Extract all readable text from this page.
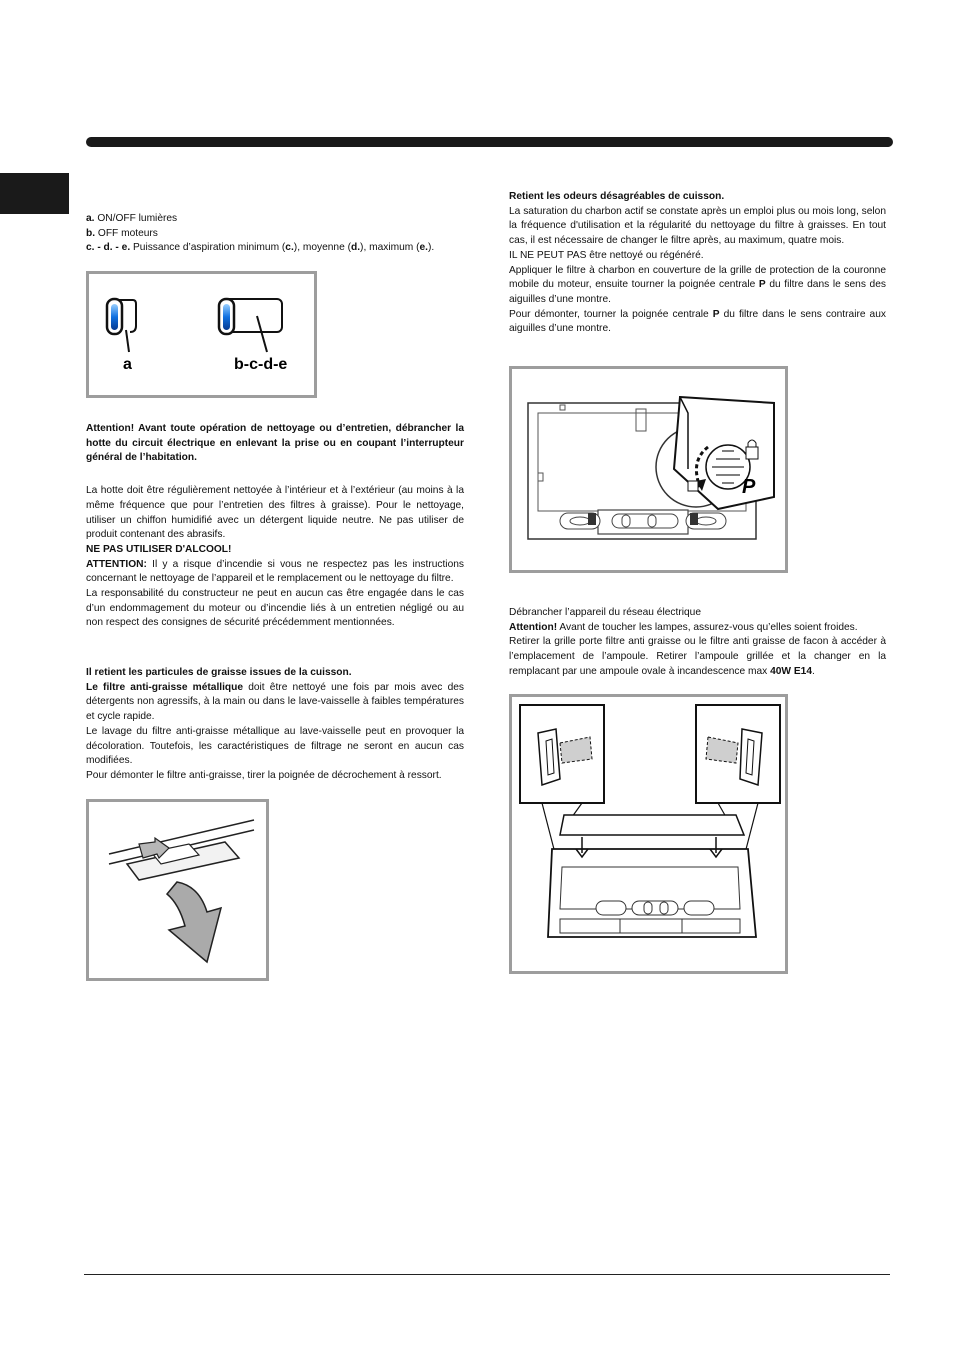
a. ON/OFF lumières

b. OFF moteurs

c. - d. - e. Puissance d’aspiration minimum (c.), moyenne (d.), maximum (e.).

a	b-c-d-e

Attention! Avant toute opération de nettoyage ou d’entretien, débrancher la hotte du circuit électrique en enlevant la prise ou en coupant l’interrupteur général de l’habitation.

La hotte doit être régulièrement nettoyée à l’intérieur et à l’extérieur (au moins à la même fréquence que pour l’entretien des filtres à graisse). Pour le nettoyage, utiliser un chiffon humidifié avec un détergent liquide neutre. Ne pas utiliser de produit contenant des abrasifs.

NE PAS UTILISER D'ALCOOL!

ATTENTION: Il y a risque d’incendie si vous ne respectez pas les instructions concernant le nettoyage de l’appareil et le remplacement ou le nettoyage du filtre.

La responsabilité du constructeur ne peut en aucun cas être engagée dans le cas d’un endommagement du moteur ou d’incendie liés à un entretien négligé ou au non respect des consignes de sécurité précédemment mentionnées.

Il retient les particules de graisse issues de la cuisson.

Le filtre anti-graisse métallique doit être nettoyé une fois par mois avec des détergents non agressifs, à la main ou dans le lave-vaisselle à faibles températures et cycle rapide.

Le lavage du filtre anti-graisse métallique au lave-vaisselle peut en provoquer la décoloration. Toutefois, les caractéristiques de filtrage ne seront en aucun cas modifiées.

Pour démonter le filtre anti-graisse, tirer la poignée de décrochement à ressort.

Retient les odeurs désagréables de cuisson.

La saturation du charbon actif se constate après un emploi plus ou mois long, selon la fréquence d'utilisation et la régularité du nettoyage du filtre à graisses. En tout cas, il est nécessaire de changer le filtre après, au maximum, quatre mois.

IL NE PEUT PAS être nettoyé ou régénéré.

Appliquer le filtre à charbon en couverture de la grille de protection de la couronne mobile du moteur, ensuite tourner la poignée centrale P du filtre dans le sens des aiguilles d’une montre.

Pour démonter, tourner la poignée centrale P du filtre dans le sens contraire aux aiguilles d’une montre.

P

Débrancher l’appareil du réseau électrique

Attention! Avant de toucher les lampes, assurez-vous qu’elles soient froides.

Retirer la grille porte filtre anti graisse ou le filtre anti graisse de facon à accéder à l’emplacement de l’ampoule. Retirer l’ampoule grillée et la changer en la remplacant par une ampoule ovale à incandescence max 40W E14.
